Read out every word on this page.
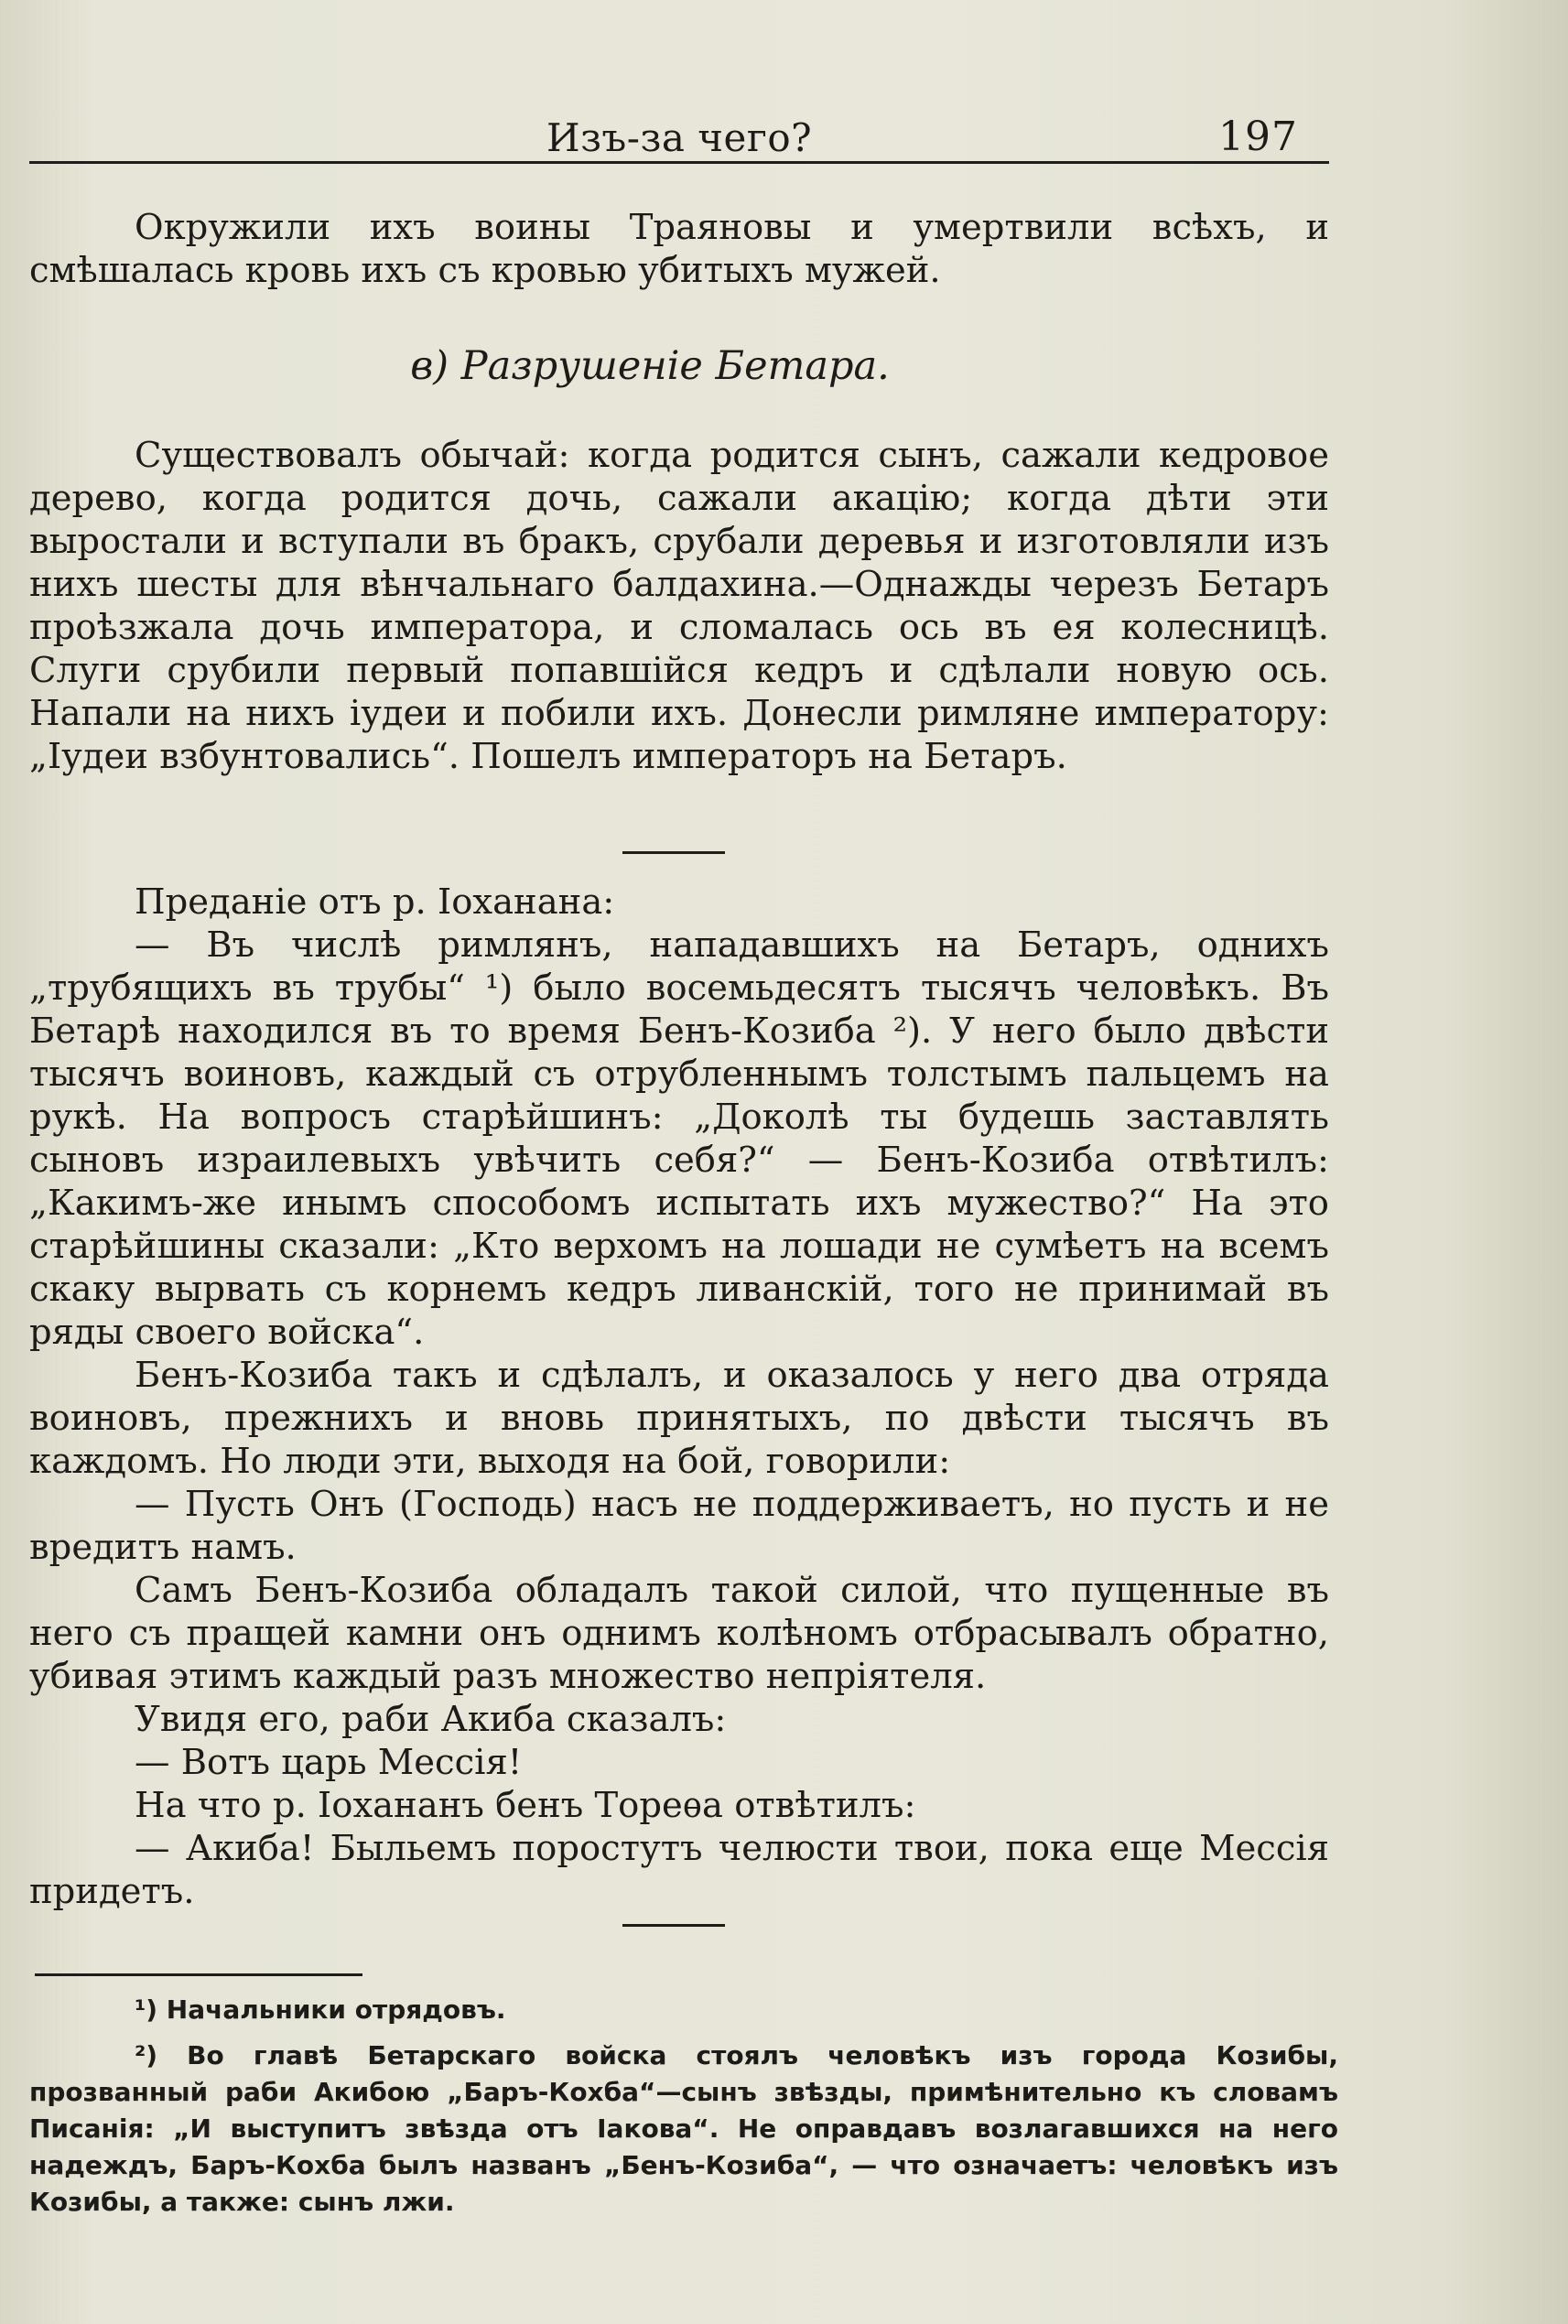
Изъ-за чего?	197

Окружили ихъ воины Траяновы и умертвили всѣхъ, и смѣшалась кровь ихъ съ кровью убитыхъ мужей.

в) Разрушеніе Бетара.

Существовалъ обычай: когда родится сынъ, сажали кедровое дерево, когда родится дочь, сажали акацію; когда дѣти эти выростали и вступали въ бракъ, срубали деревья и изготовляли изъ нихъ шесты для вѣнчальнаго балдахина.—Однажды черезъ Бетаръ проѣзжала дочь императора, и сломалась ось въ ея колесницѣ. Слуги срубили первый попавшійся кедръ и сдѣлали новую ось. Напали на нихъ іудеи и побили ихъ. Донесли римляне императору: „Іудеи взбунтовались“. Пошелъ императоръ на Бетаръ.

Преданіе отъ р. Іоханана:

— Въ числѣ римлянъ, нападавшихъ на Бетаръ, однихъ „трубящихъ въ трубы“ ¹) было восемьдесятъ тысячъ человѣкъ. Въ Бетарѣ находился въ то время Бенъ-Козиба ²). У него было двѣсти тысячъ воиновъ, каждый съ отрубленнымъ толстымъ пальцемъ на рукѣ. На вопросъ старѣйшинъ: „Доколѣ ты будешь заставлять сыновъ израилевыхъ увѣчить себя?“ — Бенъ-Козиба отвѣтилъ: „Какимъ-же инымъ способомъ испытать ихъ мужество?“ На это старѣйшины сказали: „Кто верхомъ на лошади не сумѣетъ на всемъ скаку вырвать съ корнемъ кедръ ливанскій, того не принимай въ ряды своего войска“.

Бенъ-Козиба такъ и сдѣлалъ, и оказалось у него два отряда воиновъ, прежнихъ и вновь принятыхъ, по двѣсти тысячъ въ каждомъ. Но люди эти, выходя на бой, говорили:

— Пусть Онъ (Господь) насъ не поддерживаетъ, но пусть и не вредитъ намъ.

Самъ Бенъ-Козиба обладалъ такой силой, что пущенные въ него съ пращей камни онъ однимъ колѣномъ отбрасывалъ обратно, убивая этимъ каждый разъ множество непріятеля.

Увидя его, раби Акиба сказалъ:

— Вотъ царь Мессія!

На что р. Іохананъ бенъ Тореѳа отвѣтилъ:

— Акиба! Быльемъ поростутъ челюсти твои, пока еще Мессія придетъ.

¹) Начальники отрядовъ.

²) Во главѣ Бетарскаго войска стоялъ человѣкъ изъ города Козибы, прозванный раби Акибою „Баръ-Кохба“—сынъ звѣзды, примѣнительно къ словамъ Писанія: „И выступитъ звѣзда отъ Іакова“. Не оправдавъ возлагавшихся на него надеждъ, Баръ-Кохба былъ названъ „Бенъ-Козиба“, — что означаетъ: человѣкъ изъ Козибы, а также: сынъ лжи.
